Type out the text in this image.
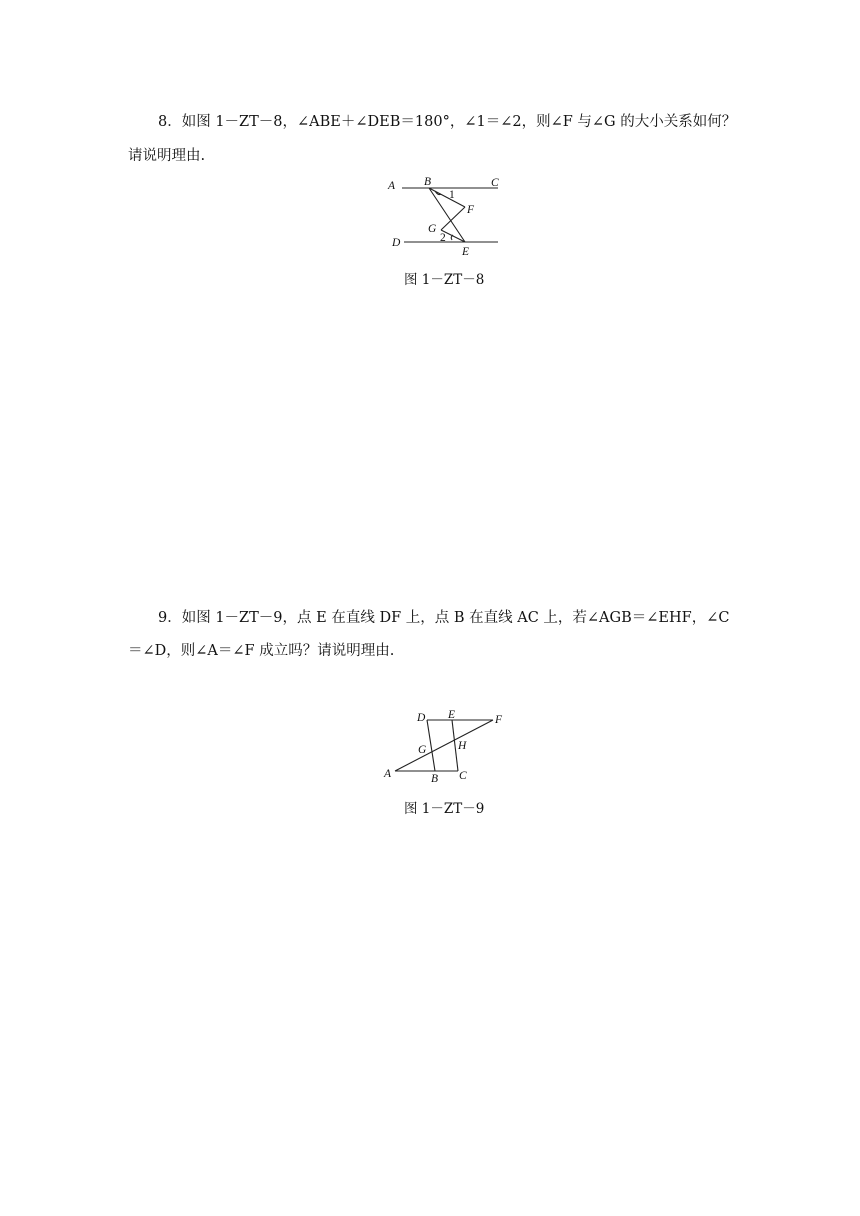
8．如图 1－ZT－8，∠ABE＋∠DEB＝180°，∠1＝∠2，则∠F 与∠G 的大小关系如何？
请说明理由.
A	B	C
D
E
F
G
1
2
D E	F
G	H
A	B C
图 1－ZT－8
9．如图 1－ZT－9，点 E 在直线 DF 上，点 B 在直线 AC 上，若∠AGB＝∠EHF，∠C
＝∠D，则∠A＝∠F 成立吗？请说明理由.
图 1－ZT－9
